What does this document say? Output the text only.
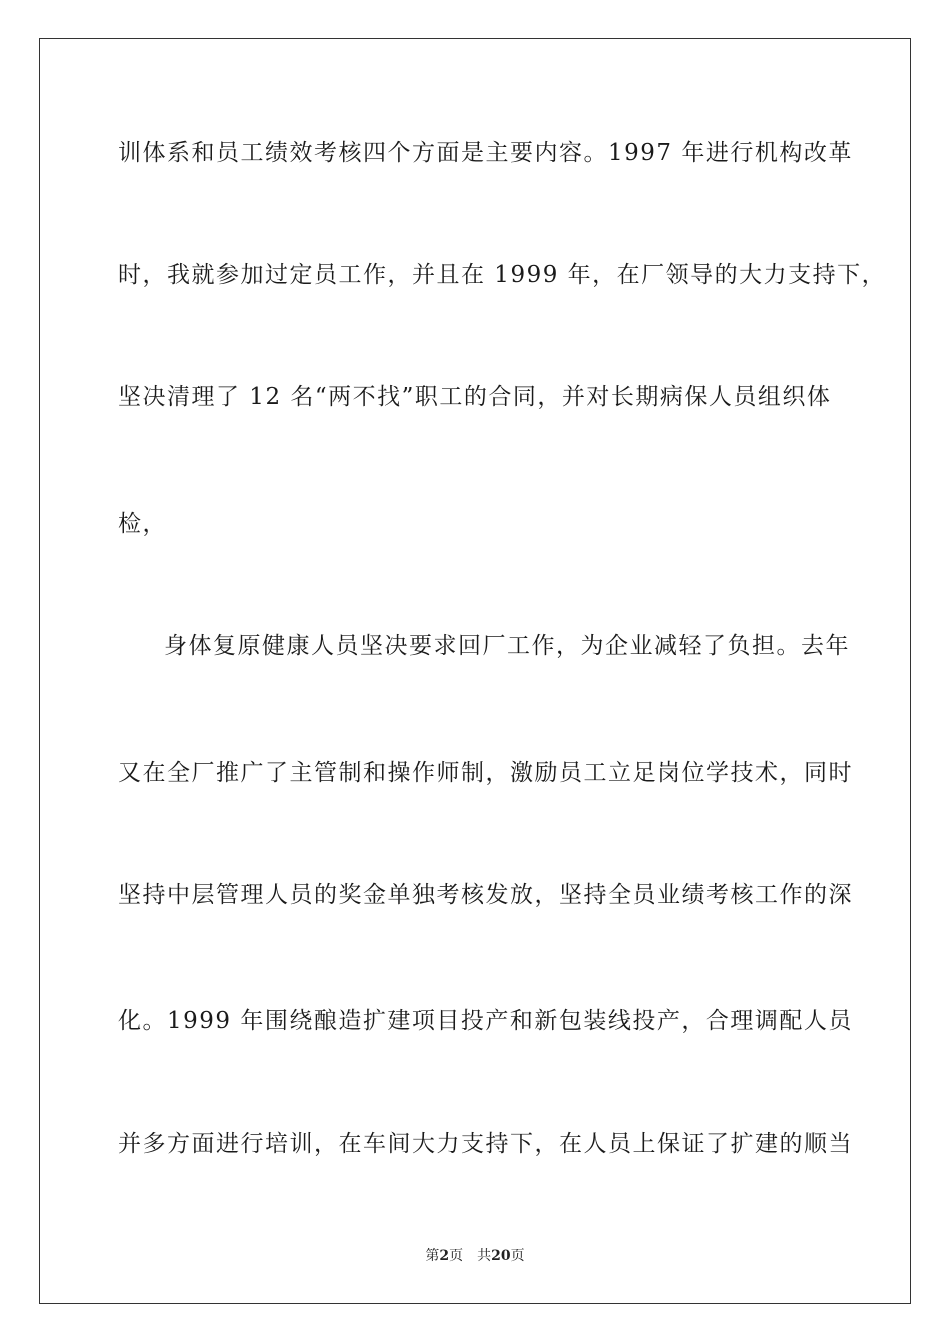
训体系和员工绩效考核四个方面是主要内容。1997 年进行机构改革
时，我就参加过定员工作，并且在 1999 年，在厂领导的大力支持下，
坚决清理了 12 名“两不找”职工的合同，并对长期病保人员组织体
检，
身体复原健康人员坚决要求回厂工作，为企业减轻了负担。去年
又在全厂推广了主管制和操作师制，激励员工立足岗位学技术，同时
坚持中层管理人员的奖金单独考核发放，坚持全员业绩考核工作的深
化。1999 年围绕酿造扩建项目投产和新包装线投产，合理调配人员
并多方面进行培训，在车间大力支持下，在人员上保证了扩建的顺当
第2页 共20页
